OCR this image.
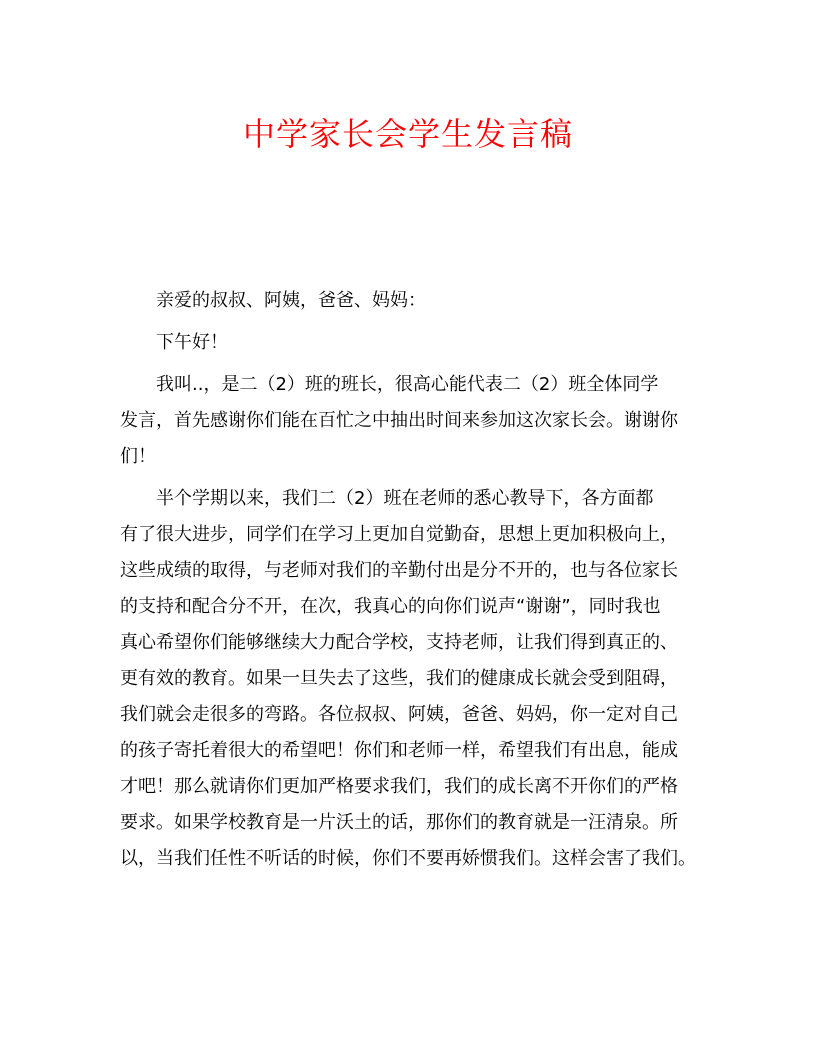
中学家长会学生发言稿
　　亲爱的叔叔、阿姨，爸爸、妈妈：
　　下午好！
　　我叫..，是二（2）班的班长，很高心能代表二（2）班全体同学
发言，首先感谢你们能在百忙之中抽出时间来参加这次家长会。谢谢你
们！
　　半个学期以来，我们二（2）班在老师的悉心教导下，各方面都
有了很大进步，同学们在学习上更加自觉勤奋，思想上更加积极向上，
这些成绩的取得，与老师对我们的辛勤付出是分不开的，也与各位家长
的支持和配合分不开，在次，我真心的向你们说声“谢谢”，同时我也
真心希望你们能够继续大力配合学校，支持老师，让我们得到真正的、
更有效的教育。如果一旦失去了这些，我们的健康成长就会受到阻碍，
我们就会走很多的弯路。各位叔叔、阿姨，爸爸、妈妈，你一定对自己
的孩子寄托着很大的希望吧！你们和老师一样，希望我们有出息，能成
才吧！那么就请你们更加严格要求我们，我们的成长离不开你们的严格
要求。如果学校教育是一片沃土的话，那你们的教育就是一汪清泉。所
以，当我们任性不听话的时候，你们不要再娇惯我们。这样会害了我们。
